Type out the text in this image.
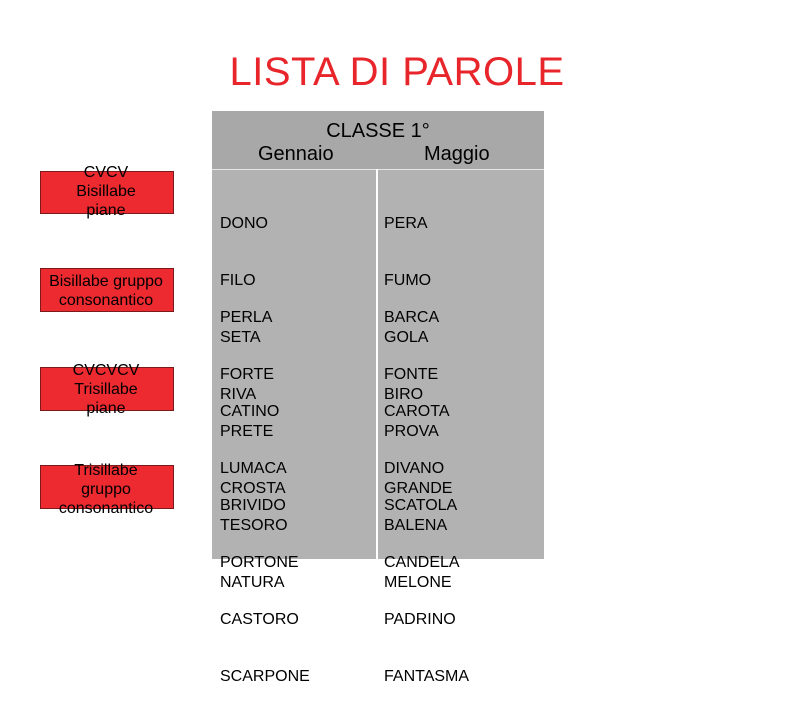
LISTA DI PAROLE
CLASSE 1°
Gennaio	Maggio

DONO

FILO

SETA

RIVA

PERA

FUMO

GOLA

BIRO

PERLA

FORTE

PRETE

CROSTA

BARCA

FONTE

PROVA

GRANDE

CATINO

LUMACA

TESORO

NATURA

CAROTA

DIVANO

BALENA

MELONE

BRIVIDO

PORTONE

CASTORO

SCARPONE

SCATOLA

CANDELA

PADRINO

FANTASMA

CVCV
Bisillabe
piane
Bisillabe gruppo
consonantico
CVCVCV
Trisillabe
piane
Trisillabe
gruppo
consonantico
